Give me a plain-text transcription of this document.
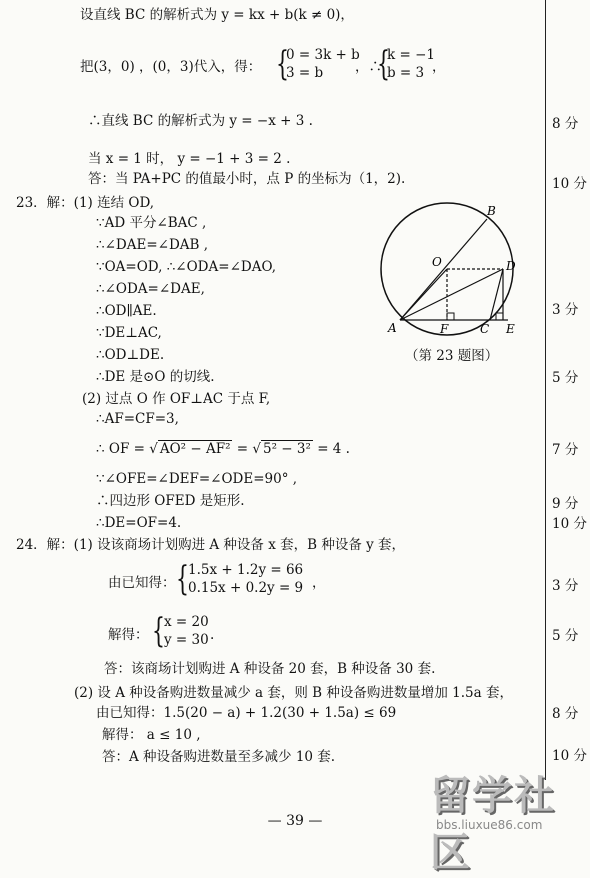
设直线 BC 的解析式为 y = kx + b(k ≠ 0)，
把(3，0) ，(0，3)代入，得： {
0 = 3k + b
3 = b	，∴
{
k = −1
b = 3 ，
∴直线 BC 的解析式为 y = −x + 3 .	8 分
当 x = 1 时， y = −1 + 3 = 2 .
答：当 PA+PC 的值最小时，点 P 的坐标为（1，2).	10 分
23．解：(1) 连结 OD,
∵AD 平分∠BAC ,
∴∠DAE=∠DAB ,
∵OA=OD, ∴∠ODA=∠DAO,
∴∠ODA=∠DAE,
∴OD∥AE.	3 分
∵DE⊥AC,
∴OD⊥DE.
∴DE 是⊙O 的切线.	5 分
(2) 过点 O 作 OF⊥AC 于点 F,
∴AF=CF=3,
∴ OF = √ AO² − AF² = √ 5² − 3² = 4 .	7 分
∵∠OFE=∠DEF=∠ODE=90° ,
∴四边形 OFED 是矩形.	9 分
∴DE=OF=4.	10 分
B
O	D
A	F	C E
（第 23 题图）
24．解：(1) 设该商场计划购进 A 种设备 x 套，B 种设备 y 套，
由已知得： { 1.5x + 1.2y = 66
0.15x + 0.2y = 9 ，	3 分
解得： { x = 20
y = 30 .	5 分
答：该商场计划购进 A 种设备 20 套，B 种设备 30 套.
(2) 设 A 种设备购进数量减少 a 套，则 B 种设备购进数量增加 1.5a 套，
由已知得：1.5(20 − a) + 1.2(30 + 1.5a) ≤ 69	8 分
解得： a ≤ 10 ,
答：A 种设备购进数量至多减少 10 套.	10 分
— 39 —
留学社区
bbs.liuxue86.com
